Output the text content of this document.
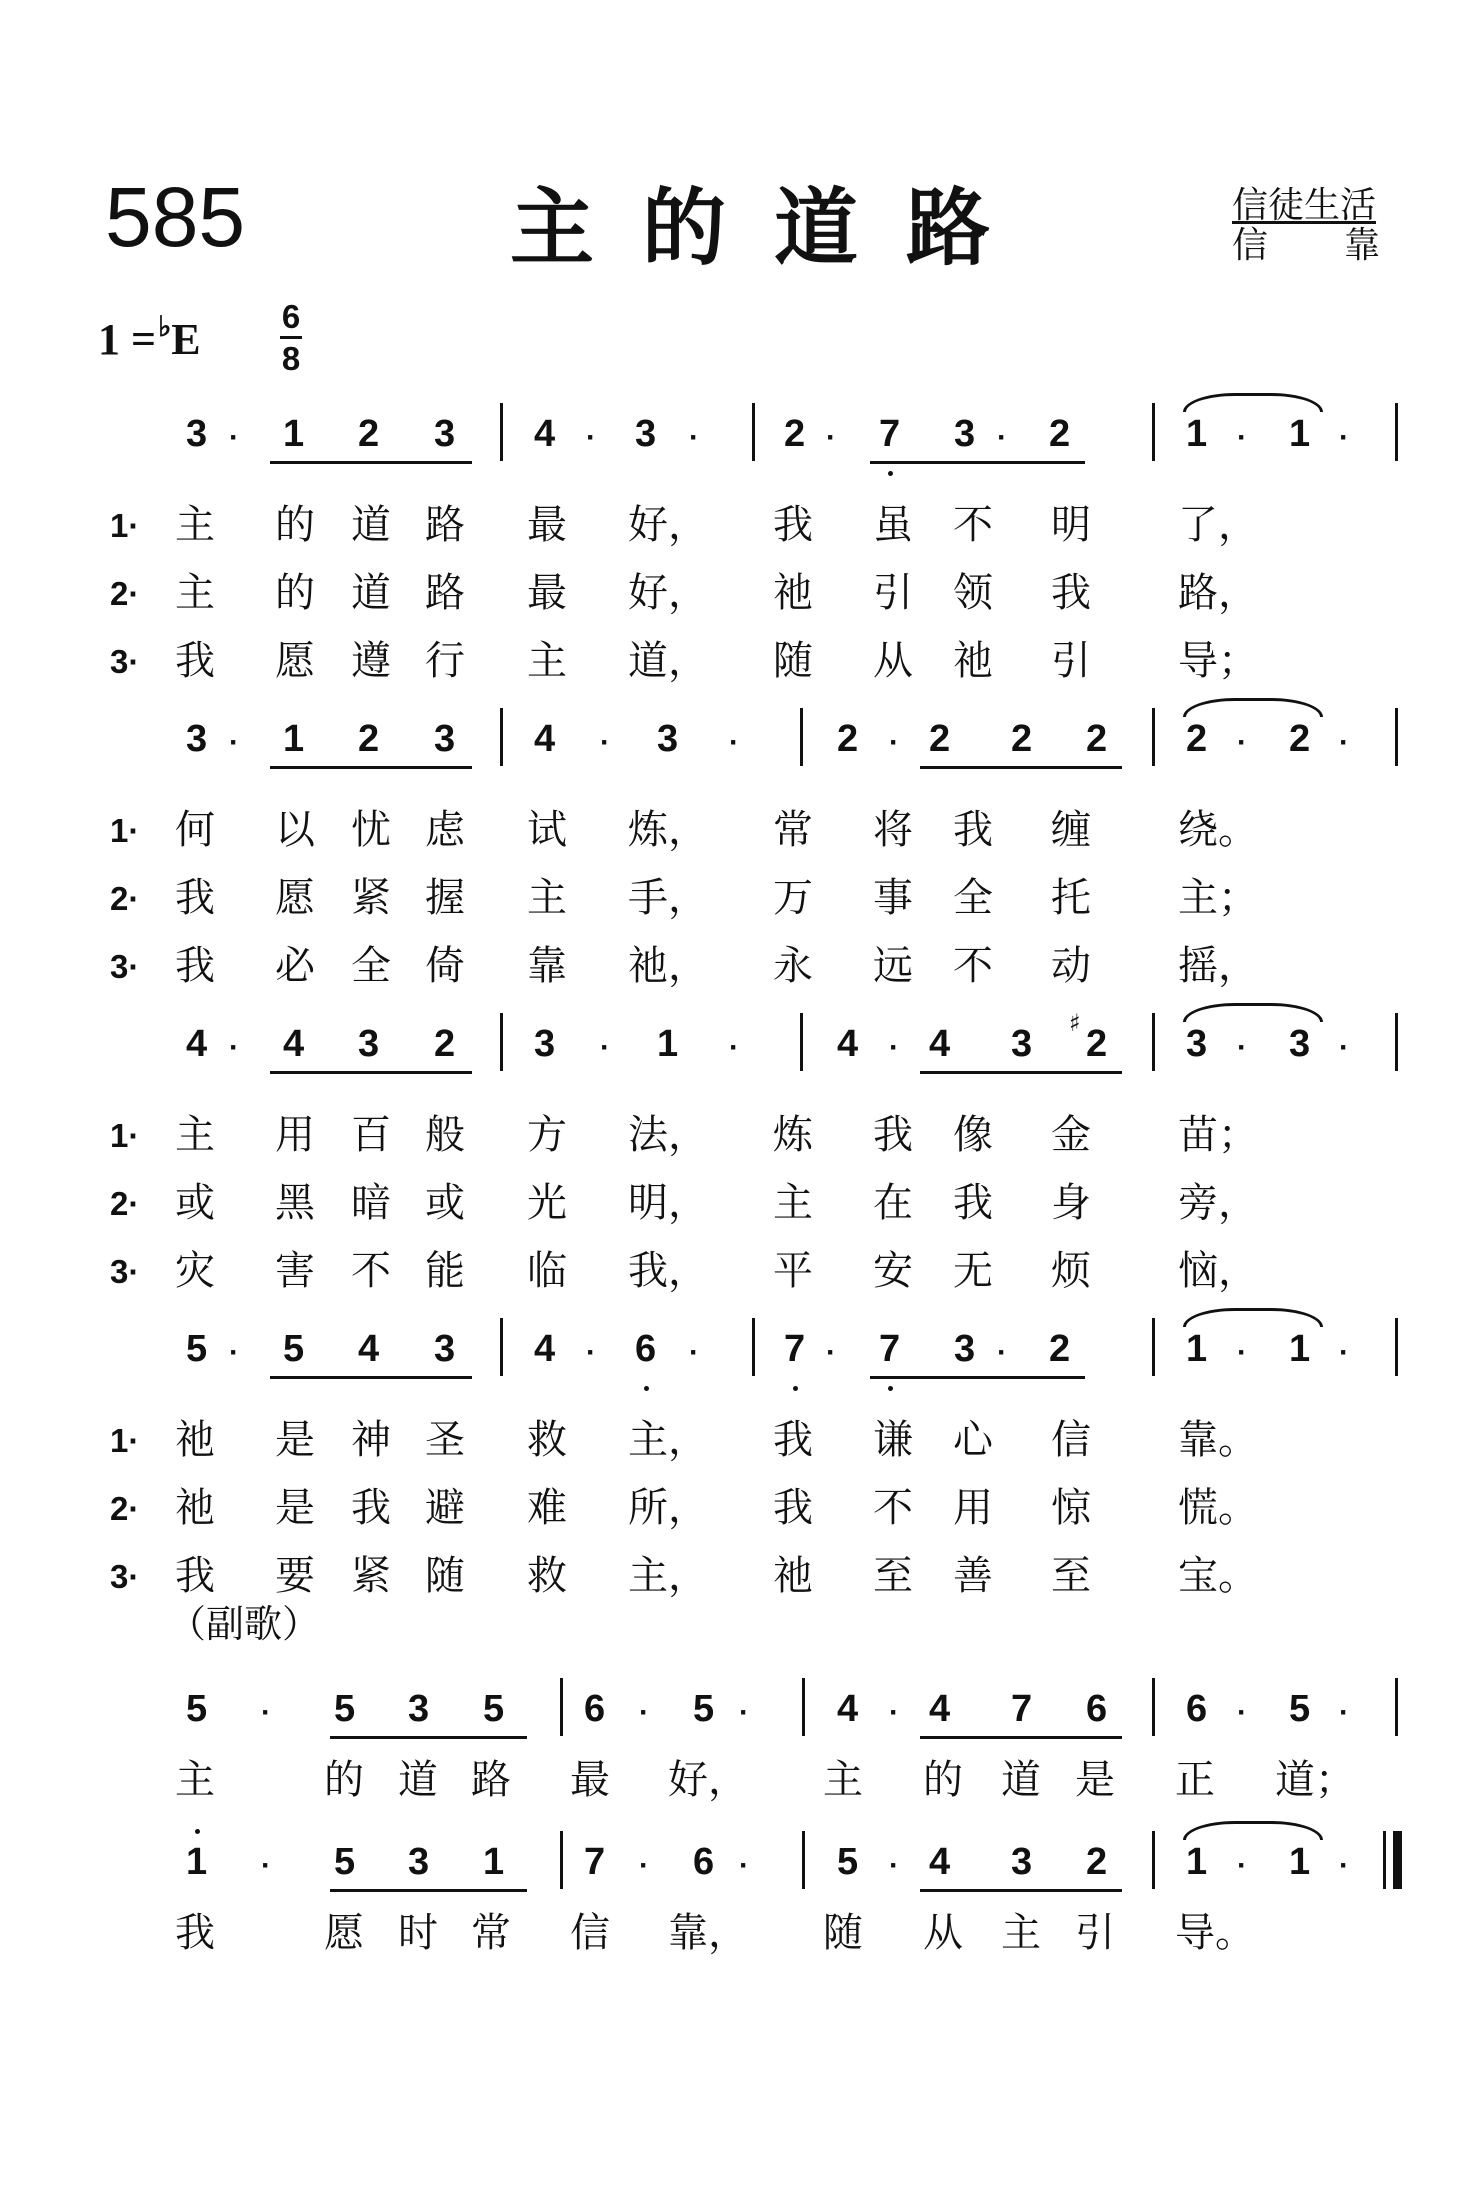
585	主的道路	信徒生活
信 靠
1 =♭E 6
8
3 · 1 2 3 4 · 3 · 2 · 7 3 · 2	1 · 1 ·
1· 主 的 道 路 最 好， 我 虽 不 明 了，
2· 主 的 道 路 最 好， 祂 引 领 我 路，
3· 我 愿 遵 行 主 道， 随 从 祂 引 导；
3 · 1 2 3 4 · 3 ·	2 · 2 2 2 2 · 2 ·
1· 何 以 忧 虑 试 炼， 常 将 我 缠 绕。
2· 我 愿 紧 握 主 手， 万 事 全 托 主；
3· 我 必 全 倚 靠 祂， 永 远 不 动 摇，
4 · 4 3 2 3 · 1 ·	4 · 4 3 2 3 · 3 ·
♯
1· 主 用 百 般 方 法， 炼 我 像 金 苗；
2· 或 黑 暗 或 光 明， 主 在 我 身 旁，
3· 灾 害 不 能 临 我， 平 安 无 烦 恼，
5 · 5 4 3 4 · 6 · 7 · 7 3 · 2	1 · 1 ·
1· 祂 是 神 圣 救 主， 我 谦 心 信 靠。
2· 祂 是 我 避 难 所， 我 不 用 惊 慌。
3· 我 要 紧 随 救 主， 祂 至 善 至 宝。
（副歌）
5 · 5 3 5 6 · 5 · 4 · 4 7 6 6 · 5 ·
主	的 道 路 最 好， 主 的 道 是 正 道；
1 · 5 3 1 7 · 6 · 5 · 4 3 2 1 · 1 ·
我	愿 时 常 信 靠， 随 从 主 引 导。
